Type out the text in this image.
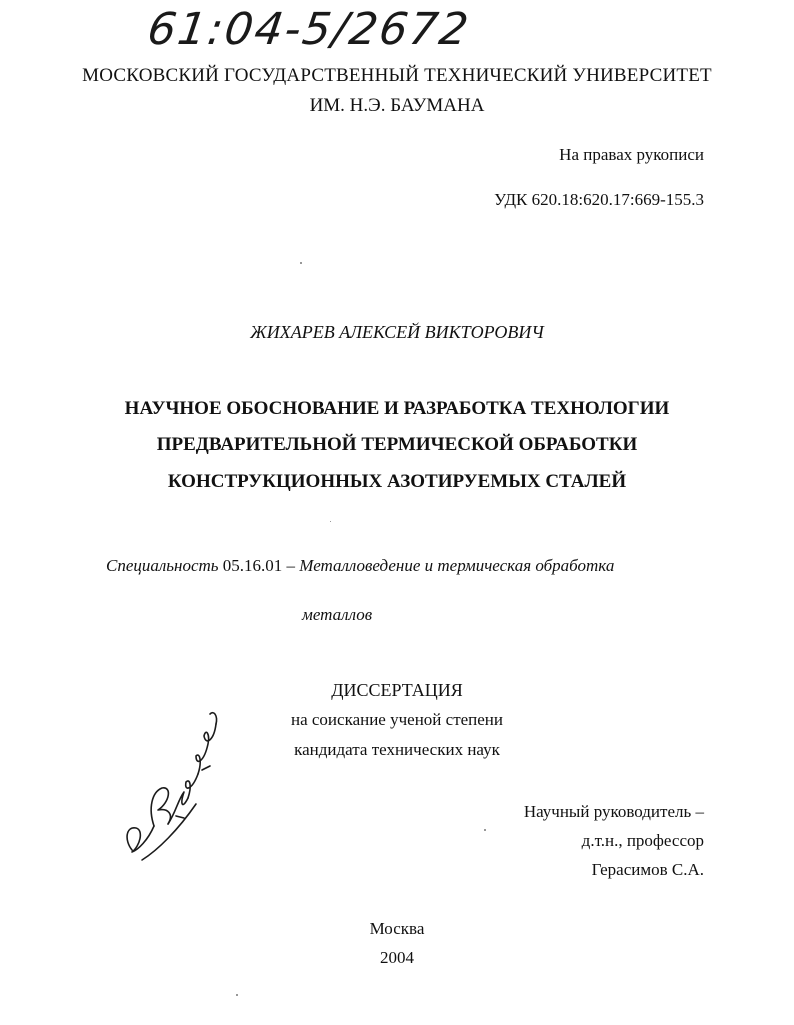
61:04-5/2672
МОСКОВСКИЙ ГОСУДАРСТВЕННЫЙ ТЕХНИЧЕСКИЙ УНИВЕРСИТЕТ
ИМ. Н.Э. БАУМАНА
На правах рукописи
УДК 620.18:620.17:669-155.3
ЖИХАРЕВ АЛЕКСЕЙ ВИКТОРОВИЧ
НАУЧНОЕ ОБОСНОВАНИЕ И РАЗРАБОТКА ТЕХНОЛОГИИ
ПРЕДВАРИТЕЛЬНОЙ ТЕРМИЧЕСКОЙ ОБРАБОТКИ
КОНСТРУКЦИОННЫХ АЗОТИРУЕМЫХ СТАЛЕЙ
Специальность 05.16.01 – Металловедение и термическая обработка
металлов
ДИССЕРТАЦИЯ
на соискание ученой степени
кандидата технических наук
Научный руководитель –
д.т.н., профессор
Герасимов С.А.
Москва
2004
